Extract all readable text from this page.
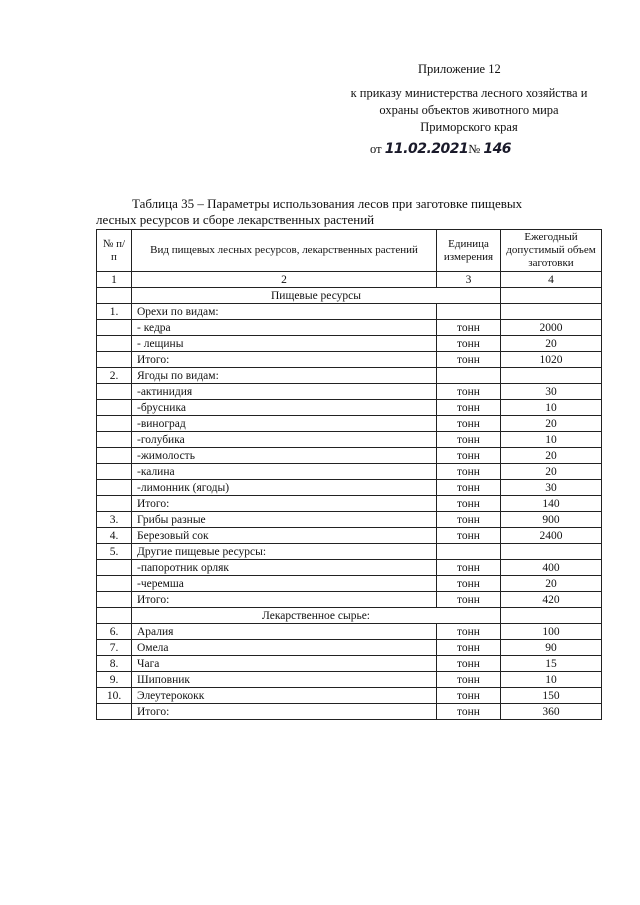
Приложение 12
к приказу министерства лесного хозяйства и
охраны объектов животного мира
Приморского края
от 11.02.2021№ 146
Таблица 35 – Параметры использования лесов при заготовке пищевых
лесных ресурсов и сборе лекарственных растений
№ п/п	Вид пищевых лесных ресурсов, лекарственных растений	Единица измерения	Ежегодный допустимый объем заготовки
1	2	3	4
	Пищевые ресурсы		
1.	Орехи по видам:		
	- кедра	тонн	2000
	- лещины	тонн	20
	Итого:	тонн	1020
2.	Ягоды по видам:		
	-актинидия	тонн	30
	-брусника	тонн	10
	-виноград	тонн	20
	-голубика	тонн	10
	-жимолость	тонн	20
	-калина	тонн	20
	-лимонник (ягоды)	тонн	30
	Итого:	тонн	140
3.	Грибы разные	тонн	900
4.	Березовый сок	тонн	2400
5.	Другие пищевые ресурсы:		
	-папоротник орляк	тонн	400
	-черемша	тонн	20
	Итого:	тонн	420
	Лекарственное сырье:		
6.	Аралия	тонн	100
7.	Омела	тонн	90
8.	Чага	тонн	15
9.	Шиповник	тонн	10
10.	Элеутерококк	тонн	150
	Итого:	тонн	360
